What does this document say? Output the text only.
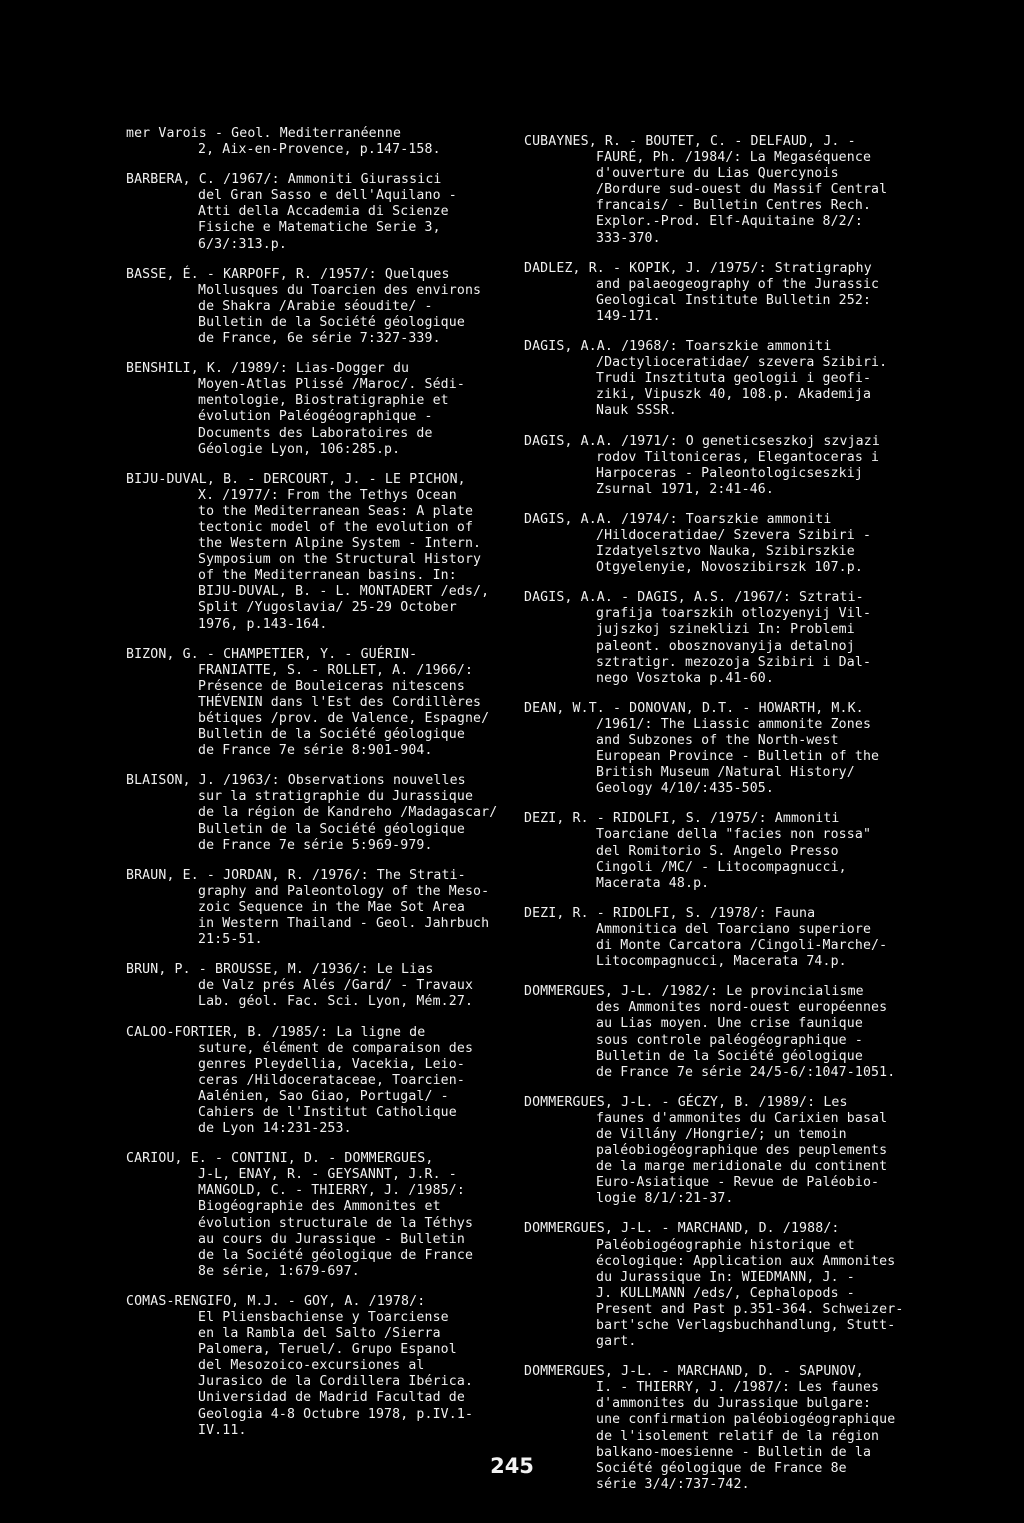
mer Varois - Geol. Mediterranéenne
2, Aix-en-Provence, p.147-158.
BARBERA, C. /1967/: Ammoniti Giurassici
del Gran Sasso e dell'Aquilano -
Atti della Accademia di Scienze
Fisiche e Matematiche Serie 3,
6/3/:313.p.
BASSE, É. - KARPOFF, R. /1957/: Quelques
Mollusques du Toarcien des environs
de Shakra /Arabie séoudite/ -
Bulletin de la Société géologique
de France, 6e série 7:327-339.
BENSHILI, K. /1989/: Lias-Dogger du
Moyen-Atlas Plissé /Maroc/. Sédi-
mentologie, Biostratigraphie et
évolution Paléogéographique -
Documents des Laboratoires de
Géologie Lyon, 106:285.p.
BIJU-DUVAL, B. - DERCOURT, J. - LE PICHON,
X. /1977/: From the Tethys Ocean
to the Mediterranean Seas: A plate
tectonic model of the evolution of
the Western Alpine System - Intern.
Symposium on the Structural History
of the Mediterranean basins. In:
BIJU-DUVAL, B. - L. MONTADERT /eds/,
Split /Yugoslavia/ 25-29 October
1976, p.143-164.
BIZON, G. - CHAMPETIER, Y. - GUÉRIN-
FRANIATTE, S. - ROLLET, A. /1966/:
Présence de Bouleiceras nitescens
THÉVENIN dans l'Est des Cordillères
bétiques /prov. de Valence, Espagne/
Bulletin de la Société géologique
de France 7e série 8:901-904.
BLAISON, J. /1963/: Observations nouvelles
sur la stratigraphie du Jurassique
de la région de Kandreho /Madagascar/
Bulletin de la Société géologique
de France 7e série 5:969-979.
BRAUN, E. - JORDAN, R. /1976/: The Strati-
graphy and Paleontology of the Meso-
zoic Sequence in the Mae Sot Area
in Western Thailand - Geol. Jahrbuch
21:5-51.
BRUN, P. - BROUSSE, M. /1936/: Le Lias
de Valz prés Alés /Gard/ - Travaux
Lab. géol. Fac. Sci. Lyon, Mém.27.
CALOO-FORTIER, B. /1985/: La ligne de
suture, élément de comparaison des
genres Pleydellia, Vacekia, Leio-
ceras /Hildoceratаceae, Toarcien-
Aalénien, Sao Giao, Portugal/ -
Cahiers de l'Institut Catholique
de Lyon 14:231-253.
CARIOU, E. - CONTINI, D. - DOMMERGUES,
J-L, ENAY, R. - GEYSANNT, J.R. -
MANGOLD, C. - THIERRY, J. /1985/:
Biogéographie des Ammonites et
évolution structurale de la Téthys
au cours du Jurassique - Bulletin
de la Société géologique de France
8e série, 1:679-697.
COMAS-RENGIFO, M.J. - GOY, A. /1978/:
El Pliensbachiense y Toarciense
en la Rambla del Salto /Sierra
Palomera, Teruel/. Grupo Espanol
del Mesozoico-excursiones al
Jurasico de la Cordillera Ibérica.
Universidad de Madrid Facultad de
Geologia 4-8 Octubre 1978, p.IV.1-
IV.11.
CUBAYNES, R. - BOUTET, C. - DELFAUD, J. -
FAURÉ, Ph. /1984/: La Megaséquence
d'ouverture du Lias Quercynois
/Bordure sud-ouest du Massif Central
francais/ - Bulletin Centres Rech.
Explor.-Prod. Elf-Aquitaine 8/2/:
333-370.
DADLEZ, R. - KOPIK, J. /1975/: Stratigraphy
and palaeogeography of the Jurassic
Geological Institute Bulletin 252:
149-171.
DAGIS, A.A. /1968/: Toarszkie ammoniti
/Dactylioceratidae/ szevera Szibiri.
Trudi Insztituta geologii i geofi-
ziki, Vipuszk 40, 108.p. Akademija
Nauk SSSR.
DAGIS, A.A. /1971/: O geneticseszkoj szvjazi
rodov Tiltoniceras, Elegantoceras i
Harpoceras - Paleontologicseszkij
Zsurnal 1971, 2:41-46.
DAGIS, A.A. /1974/: Toarszkie ammoniti
/Hildoceratidae/ Szevera Szibiri -
Izdatyelsztvo Nauka, Szibirszkie
Otgyelenyie, Novoszibirszk 107.p.
DAGIS, A.A. - DAGIS, A.S. /1967/: Sztrati-
grafija toarszkih otlozyenyij Vil-
jujszkoj szineklizi In: Problemi
paleont. obosznovanyija detalnoj
sztratigr. mezozoja Szibiri i Dal-
nego Vosztoka p.41-60.
DEAN, W.T. - DONOVAN, D.T. - HOWARTH, M.K.
/1961/: The Liassic ammonite Zones
and Subzones of the North-west
European Province - Bulletin of the
British Museum /Natural History/
Geology 4/10/:435-505.
DEZI, R. - RIDOLFI, S. /1975/: Ammoniti
Toarciane della "facies non rossa"
del Romitorio S. Angelo Presso
Cingoli /MC/ - Litocompagnucci,
Macerata 48.p.
DEZI, R. - RIDOLFI, S. /1978/: Fauna
Ammonitica del Toarciano superiore
di Monte Carcatora /Cingoli-Marche/-
Litocompagnucci, Macerata 74.p.
DOMMERGUES, J-L. /1982/: Le provincialisme
des Ammonites nord-ouest européennes
au Lias moyen. Une crise faunique
sous controle paléogéographique -
Bulletin de la Société géologique
de France 7e série 24/5-6/:1047-1051.
DOMMERGUES, J-L. - GÉCZY, B. /1989/: Les
faunes d'ammonites du Carixien basal
de Villány /Hongrie/; un temoin
paléobiogéographique des peuplements
de la marge meridionale du continent
Euro-Asiatique - Revue de Paléobio-
logie 8/1/:21-37.
DOMMERGUES, J-L. - MARCHAND, D. /1988/:
Paléobiogéographie historique et
écologique: Application aux Ammonites
du Jurassique In: WIEDMANN, J. -
J. KULLMANN /eds/, Cephalopods -
Present and Past p.351-364. Schweizer-
bart'sche Verlagsbuchhandlung, Stutt-
gart.
DOMMERGUES, J-L. - MARCHAND, D. - SAPUNOV,
I. - THIERRY, J. /1987/: Les faunes
d'ammonites du Jurassique bulgare:
une confirmation paléobiogéographique
de l'isolement relatif de la région
balkano-moesienne - Bulletin de la
Société géologique de France 8e
série 3/4/:737-742.
245
